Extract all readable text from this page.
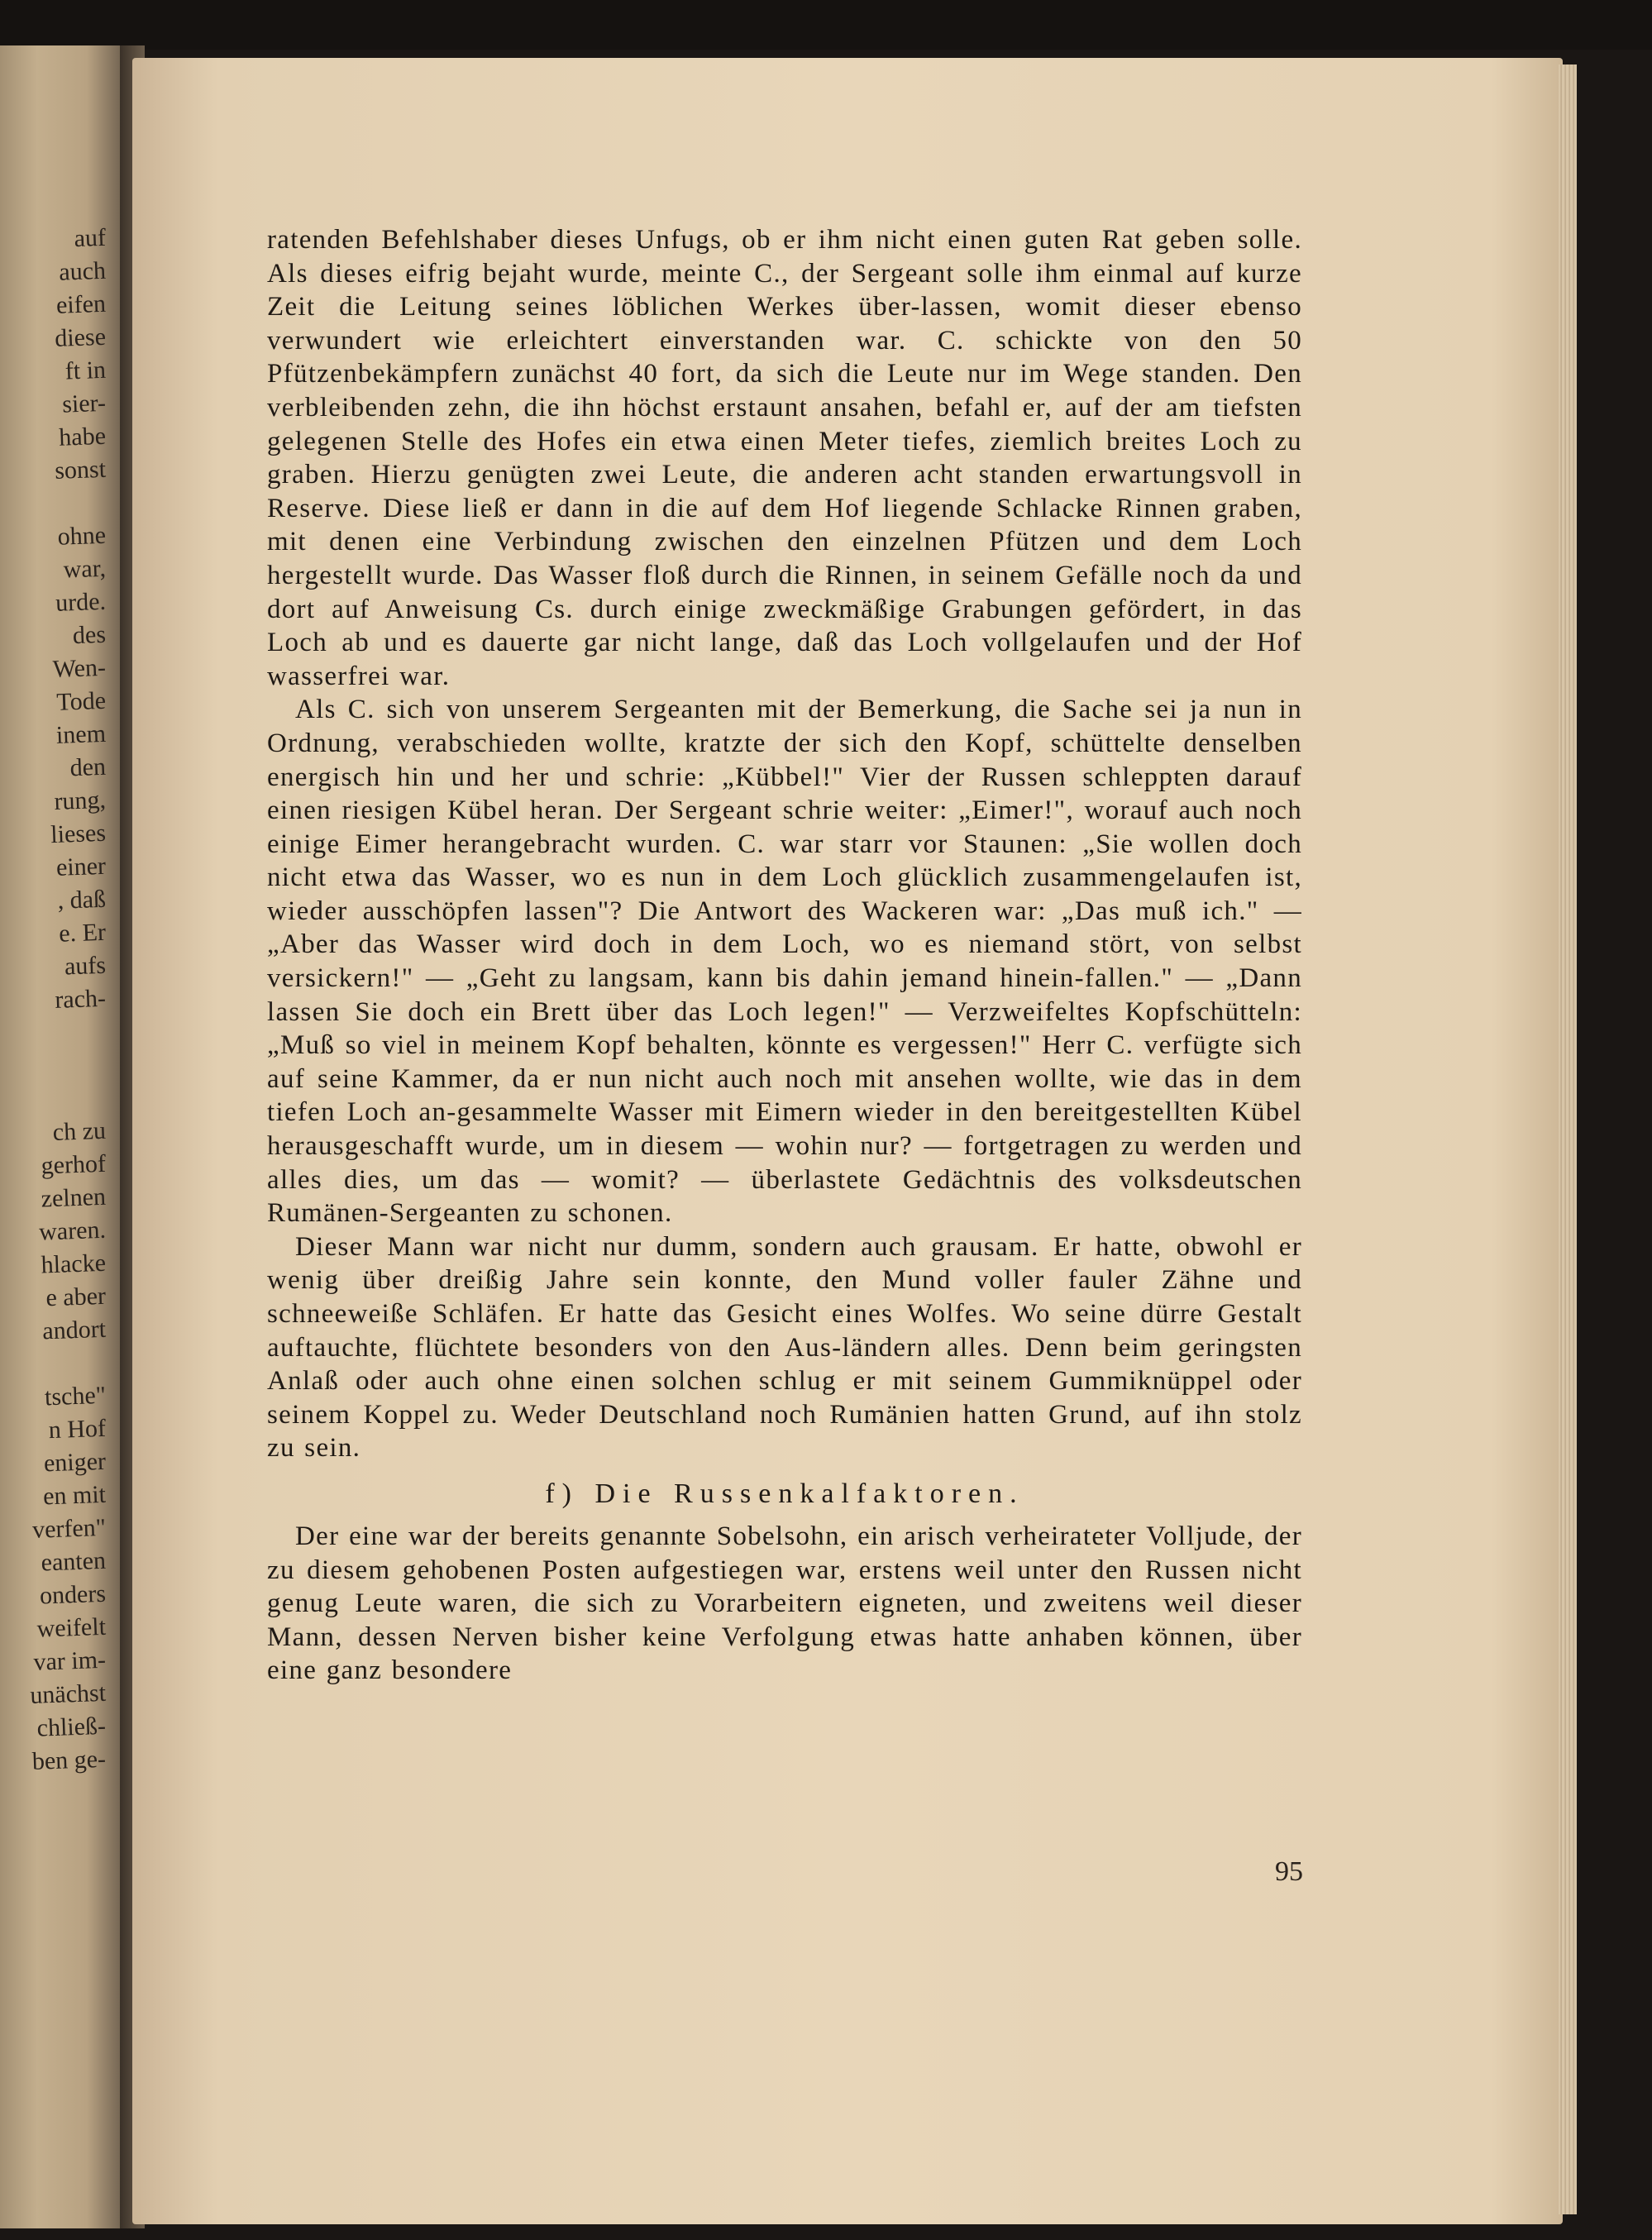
auf
auch
eifen
diese
ft in
sier-
habe
sonst

ohne
war,
urde.
des
Wen-
Tode
inem
den
rung,
lieses
einer
, daß
e. Er
aufs
rach-

ch zu
gerhof
zelnen
waren.
hlacke
e aber
andort

tsche"
n Hof
eniger
en mit
verfen"
eanten
onders
weifelt
var im-
unächst
chließ-
ben ge-

ratenden Befehlshaber dieses Unfugs, ob er ihm nicht einen guten Rat geben solle. Als dieses eifrig bejaht wurde, meinte C., der Sergeant solle ihm einmal auf kurze Zeit die Leitung seines löblichen Werkes über-lassen, womit dieser ebenso verwundert wie erleichtert einverstanden war. C. schickte von den 50 Pfützenbekämpfern zunächst 40 fort, da sich die Leute nur im Wege standen. Den verbleibenden zehn, die ihn höchst erstaunt ansahen, befahl er, auf der am tiefsten gelegenen Stelle des Hofes ein etwa einen Meter tiefes, ziemlich breites Loch zu graben. Hierzu genügten zwei Leute, die anderen acht standen erwartungsvoll in Reserve. Diese ließ er dann in die auf dem Hof liegende Schlacke Rinnen graben, mit denen eine Verbindung zwischen den einzelnen Pfützen und dem Loch hergestellt wurde. Das Wasser floß durch die Rinnen, in seinem Gefälle noch da und dort auf Anweisung Cs. durch einige zweckmäßige Grabungen gefördert, in das Loch ab und es dauerte gar nicht lange, daß das Loch vollgelaufen und der Hof wasserfrei war.

Als C. sich von unserem Sergeanten mit der Bemerkung, die Sache sei ja nun in Ordnung, verabschieden wollte, kratzte der sich den Kopf, schüttelte denselben energisch hin und her und schrie: „Kübbel!" Vier der Russen schleppten darauf einen riesigen Kübel heran. Der Sergeant schrie weiter: „Eimer!", worauf auch noch einige Eimer herangebracht wurden. C. war starr vor Staunen: „Sie wollen doch nicht etwa das Wasser, wo es nun in dem Loch glücklich zusammengelaufen ist, wieder ausschöpfen lassen"? Die Antwort des Wackeren war: „Das muß ich." — „Aber das Wasser wird doch in dem Loch, wo es niemand stört, von selbst versickern!" — „Geht zu langsam, kann bis dahin jemand hinein-fallen." — „Dann lassen Sie doch ein Brett über das Loch legen!" — Verzweifeltes Kopfschütteln: „Muß so viel in meinem Kopf behalten, könnte es vergessen!" Herr C. verfügte sich auf seine Kammer, da er nun nicht auch noch mit ansehen wollte, wie das in dem tiefen Loch an-gesammelte Wasser mit Eimern wieder in den bereitgestellten Kübel herausgeschafft wurde, um in diesem — wohin nur? — fortgetragen zu werden und alles dies, um das — womit? — überlastete Gedächtnis des volksdeutschen Rumänen-Sergeanten zu schonen.

Dieser Mann war nicht nur dumm, sondern auch grausam. Er hatte, obwohl er wenig über dreißig Jahre sein konnte, den Mund voller fauler Zähne und schneeweiße Schläfen. Er hatte das Gesicht eines Wolfes. Wo seine dürre Gestalt auftauchte, flüchtete besonders von den Aus-ländern alles. Denn beim geringsten Anlaß oder auch ohne einen solchen schlug er mit seinem Gummiknüppel oder seinem Koppel zu. Weder Deutschland noch Rumänien hatten Grund, auf ihn stolz zu sein.

f) Die Russenkalfaktoren.

Der eine war der bereits genannte Sobelsohn, ein arisch verheirateter Volljude, der zu diesem gehobenen Posten aufgestiegen war, erstens weil unter den Russen nicht genug Leute waren, die sich zu Vorarbeitern eigneten, und zweitens weil dieser Mann, dessen Nerven bisher keine Verfolgung etwas hatte anhaben können, über eine ganz besondere

95
